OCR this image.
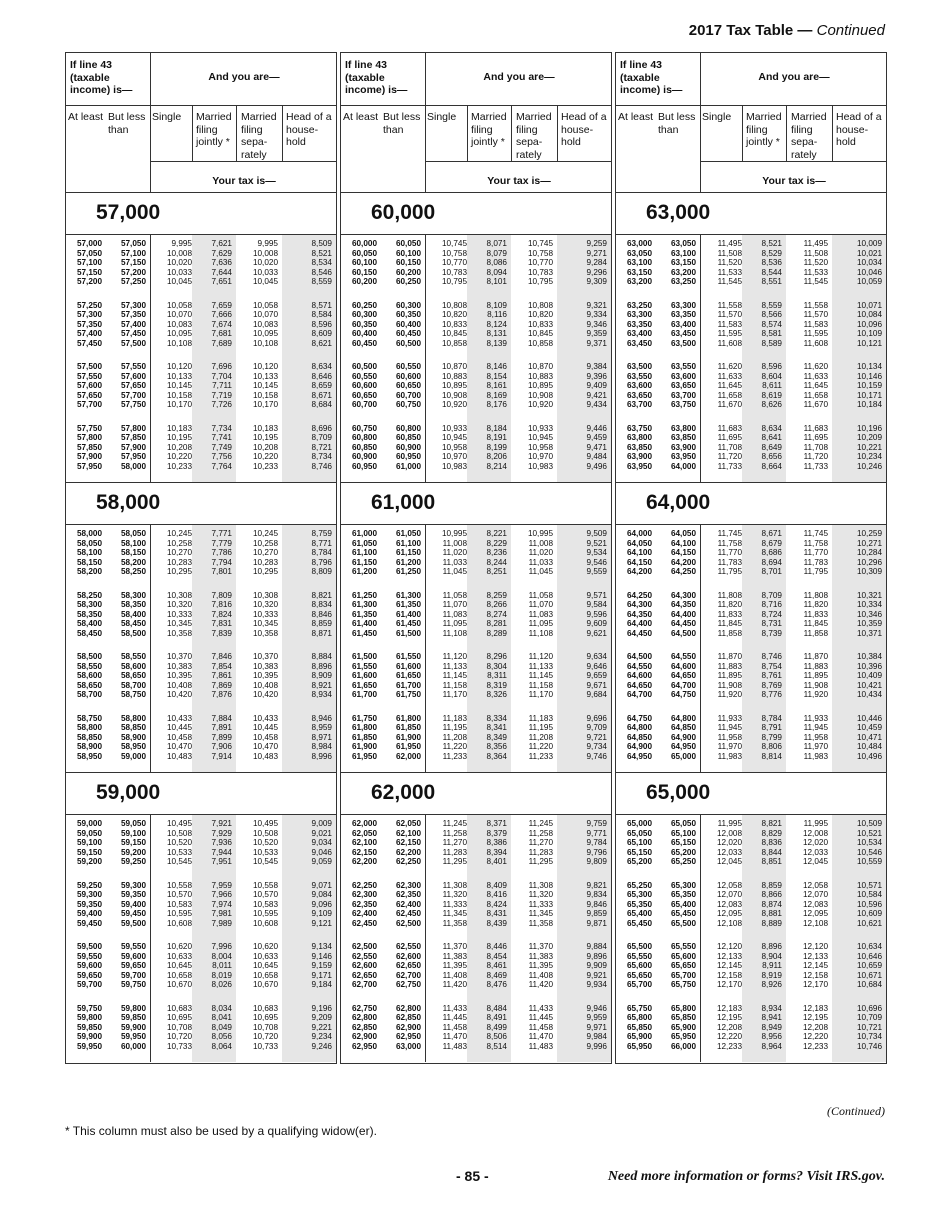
2017 Tax Table — Continued
If line 43 (taxable income) is—
And you are—
At least But less than
Single	Married filing jointly *
Married filing sepa- rately
Head of a house- hold
Your tax is—
57,000
57,000	57,050	9,995	7,621	9,995	8,509
57,050	57,100	10,008	7,629	10,008	8,521
57,100	57,150	10,020	7,636	10,020	8,534
57,150	57,200	10,033	7,644	10,033	8,546
57,200	57,250	10,045	7,651	10,045	8,559
57,250	57,300	10,058	7,659	10,058	8,571
57,300	57,350	10,070	7,666	10,070	8,584
57,350	57,400	10,083	7,674	10,083	8,596
57,400	57,450	10,095	7,681	10,095	8,609
57,450	57,500	10,108	7,689	10,108	8,621
57,500	57,550	10,120	7,696	10,120	8,634
57,550	57,600	10,133	7,704	10,133	8,646
57,600	57,650	10,145	7,711	10,145	8,659
57,650	57,700	10,158	7,719	10,158	8,671
57,700	57,750	10,170	7,726	10,170	8,684
57,750	57,800	10,183	7,734	10,183	8,696
57,800	57,850	10,195	7,741	10,195	8,709
57,850	57,900	10,208	7,749	10,208	8,721
57,900	57,950	10,220	7,756	10,220	8,734
57,950	58,000	10,233	7,764	10,233	8,746
58,000
58,000	58,050	10,245	7,771	10,245	8,759
58,050	58,100	10,258	7,779	10,258	8,771
58,100	58,150	10,270	7,786	10,270	8,784
58,150	58,200	10,283	7,794	10,283	8,796
58,200	58,250	10,295	7,801	10,295	8,809
58,250	58,300	10,308	7,809	10,308	8,821
58,300	58,350	10,320	7,816	10,320	8,834
58,350	58,400	10,333	7,824	10,333	8,846
58,400	58,450	10,345	7,831	10,345	8,859
58,450	58,500	10,358	7,839	10,358	8,871
58,500	58,550	10,370	7,846	10,370	8,884
58,550	58,600	10,383	7,854	10,383	8,896
58,600	58,650	10,395	7,861	10,395	8,909
58,650	58,700	10,408	7,869	10,408	8,921
58,700	58,750	10,420	7,876	10,420	8,934
58,750	58,800	10,433	7,884	10,433	8,946
58,800	58,850	10,445	7,891	10,445	8,959
58,850	58,900	10,458	7,899	10,458	8,971
58,900	58,950	10,470	7,906	10,470	8,984
58,950	59,000	10,483	7,914	10,483	8,996
59,000
59,000	59,050	10,495	7,921	10,495	9,009
59,050	59,100	10,508	7,929	10,508	9,021
59,100	59,150	10,520	7,936	10,520	9,034
59,150	59,200	10,533	7,944	10,533	9,046
59,200	59,250	10,545	7,951	10,545	9,059
59,250	59,300	10,558	7,959	10,558	9,071
59,300	59,350	10,570	7,966	10,570	9,084
59,350	59,400	10,583	7,974	10,583	9,096
59,400	59,450	10,595	7,981	10,595	9,109
59,450	59,500	10,608	7,989	10,608	9,121
59,500	59,550	10,620	7,996	10,620	9,134
59,550	59,600	10,633	8,004	10,633	9,146
59,600	59,650	10,645	8,011	10,645	9,159
59,650	59,700	10,658	8,019	10,658	9,171
59,700	59,750	10,670	8,026	10,670	9,184
59,750	59,800	10,683	8,034	10,683	9,196
59,800	59,850	10,695	8,041	10,695	9,209
59,850	59,900	10,708	8,049	10,708	9,221
59,900	59,950	10,720	8,056	10,720	9,234
59,950	60,000	10,733	8,064	10,733	9,246
If line 43 (taxable income) is—
And you are—
At least But less than
Single	Married filing jointly *
Married filing sepa- rately
Head of a house- hold
Your tax is—
60,000
60,000	60,050	10,745	8,071	10,745	9,259
60,050	60,100	10,758	8,079	10,758	9,271
60,100	60,150	10,770	8,086	10,770	9,284
60,150	60,200	10,783	8,094	10,783	9,296
60,200	60,250	10,795	8,101	10,795	9,309
60,250	60,300	10,808	8,109	10,808	9,321
60,300	60,350	10,820	8,116	10,820	9,334
60,350	60,400	10,833	8,124	10,833	9,346
60,400	60,450	10,845	8,131	10,845	9,359
60,450	60,500	10,858	8,139	10,858	9,371
60,500	60,550	10,870	8,146	10,870	9,384
60,550	60,600	10,883	8,154	10,883	9,396
60,600	60,650	10,895	8,161	10,895	9,409
60,650	60,700	10,908	8,169	10,908	9,421
60,700	60,750	10,920	8,176	10,920	9,434
60,750	60,800	10,933	8,184	10,933	9,446
60,800	60,850	10,945	8,191	10,945	9,459
60,850	60,900	10,958	8,199	10,958	9,471
60,900	60,950	10,970	8,206	10,970	9,484
60,950	61,000	10,983	8,214	10,983	9,496
61,000
61,000	61,050	10,995	8,221	10,995	9,509
61,050	61,100	11,008	8,229	11,008	9,521
61,100	61,150	11,020	8,236	11,020	9,534
61,150	61,200	11,033	8,244	11,033	9,546
61,200	61,250	11,045	8,251	11,045	9,559
61,250	61,300	11,058	8,259	11,058	9,571
61,300	61,350	11,070	8,266	11,070	9,584
61,350	61,400	11,083	8,274	11,083	9,596
61,400	61,450	11,095	8,281	11,095	9,609
61,450	61,500	11,108	8,289	11,108	9,621
61,500	61,550	11,120	8,296	11,120	9,634
61,550	61,600	11,133	8,304	11,133	9,646
61,600	61,650	11,145	8,311	11,145	9,659
61,650	61,700	11,158	8,319	11,158	9,671
61,700	61,750	11,170	8,326	11,170	9,684
61,750	61,800	11,183	8,334	11,183	9,696
61,800	61,850	11,195	8,341	11,195	9,709
61,850	61,900	11,208	8,349	11,208	9,721
61,900	61,950	11,220	8,356	11,220	9,734
61,950	62,000	11,233	8,364	11,233	9,746
62,000
62,000	62,050	11,245	8,371	11,245	9,759
62,050	62,100	11,258	8,379	11,258	9,771
62,100	62,150	11,270	8,386	11,270	9,784
62,150	62,200	11,283	8,394	11,283	9,796
62,200	62,250	11,295	8,401	11,295	9,809
62,250	62,300	11,308	8,409	11,308	9,821
62,300	62,350	11,320	8,416	11,320	9,834
62,350	62,400	11,333	8,424	11,333	9,846
62,400	62,450	11,345	8,431	11,345	9,859
62,450	62,500	11,358	8,439	11,358	9,871
62,500	62,550	11,370	8,446	11,370	9,884
62,550	62,600	11,383	8,454	11,383	9,896
62,600	62,650	11,395	8,461	11,395	9,909
62,650	62,700	11,408	8,469	11,408	9,921
62,700	62,750	11,420	8,476	11,420	9,934
62,750	62,800	11,433	8,484	11,433	9,946
62,800	62,850	11,445	8,491	11,445	9,959
62,850	62,900	11,458	8,499	11,458	9,971
62,900	62,950	11,470	8,506	11,470	9,984
62,950	63,000	11,483	8,514	11,483	9,996
If line 43 (taxable income) is—
And you are—
At least But less than
Single	Married filing jointly *
Married filing sepa- rately
Head of a house- hold
Your tax is—
63,000
63,000	63,050	11,495	8,521	11,495	10,009
63,050	63,100	11,508	8,529	11,508	10,021
63,100	63,150	11,520	8,536	11,520	10,034
63,150	63,200	11,533	8,544	11,533	10,046
63,200	63,250	11,545	8,551	11,545	10,059
63,250	63,300	11,558	8,559	11,558	10,071
63,300	63,350	11,570	8,566	11,570	10,084
63,350	63,400	11,583	8,574	11,583	10,096
63,400	63,450	11,595	8,581	11,595	10,109
63,450	63,500	11,608	8,589	11,608	10,121
63,500	63,550	11,620	8,596	11,620	10,134
63,550	63,600	11,633	8,604	11,633	10,146
63,600	63,650	11,645	8,611	11,645	10,159
63,650	63,700	11,658	8,619	11,658	10,171
63,700	63,750	11,670	8,626	11,670	10,184
63,750	63,800	11,683	8,634	11,683	10,196
63,800	63,850	11,695	8,641	11,695	10,209
63,850	63,900	11,708	8,649	11,708	10,221
63,900	63,950	11,720	8,656	11,720	10,234
63,950	64,000	11,733	8,664	11,733	10,246
64,000
64,000	64,050	11,745	8,671	11,745	10,259
64,050	64,100	11,758	8,679	11,758	10,271
64,100	64,150	11,770	8,686	11,770	10,284
64,150	64,200	11,783	8,694	11,783	10,296
64,200	64,250	11,795	8,701	11,795	10,309
64,250	64,300	11,808	8,709	11,808	10,321
64,300	64,350	11,820	8,716	11,820	10,334
64,350	64,400	11,833	8,724	11,833	10,346
64,400	64,450	11,845	8,731	11,845	10,359
64,450	64,500	11,858	8,739	11,858	10,371
64,500	64,550	11,870	8,746	11,870	10,384
64,550	64,600	11,883	8,754	11,883	10,396
64,600	64,650	11,895	8,761	11,895	10,409
64,650	64,700	11,908	8,769	11,908	10,421
64,700	64,750	11,920	8,776	11,920	10,434
64,750	64,800	11,933	8,784	11,933	10,446
64,800	64,850	11,945	8,791	11,945	10,459
64,850	64,900	11,958	8,799	11,958	10,471
64,900	64,950	11,970	8,806	11,970	10,484
64,950	65,000	11,983	8,814	11,983	10,496
65,000
65,000	65,050	11,995	8,821	11,995	10,509
65,050	65,100	12,008	8,829	12,008	10,521
65,100	65,150	12,020	8,836	12,020	10,534
65,150	65,200	12,033	8,844	12,033	10,546
65,200	65,250	12,045	8,851	12,045	10,559
65,250	65,300	12,058	8,859	12,058	10,571
65,300	65,350	12,070	8,866	12,070	10,584
65,350	65,400	12,083	8,874	12,083	10,596
65,400	65,450	12,095	8,881	12,095	10,609
65,450	65,500	12,108	8,889	12,108	10,621
65,500	65,550	12,120	8,896	12,120	10,634
65,550	65,600	12,133	8,904	12,133	10,646
65,600	65,650	12,145	8,911	12,145	10,659
65,650	65,700	12,158	8,919	12,158	10,671
65,700	65,750	12,170	8,926	12,170	10,684
65,750	65,800	12,183	8,934	12,183	10,696
65,800	65,850	12,195	8,941	12,195	10,709
65,850	65,900	12,208	8,949	12,208	10,721
65,900	65,950	12,220	8,956	12,220	10,734
65,950	66,000	12,233	8,964	12,233	10,746
(Continued)
* This column must also be used by a qualifying widow(er).
- 85 -	Need more information or forms? Visit IRS.gov.
